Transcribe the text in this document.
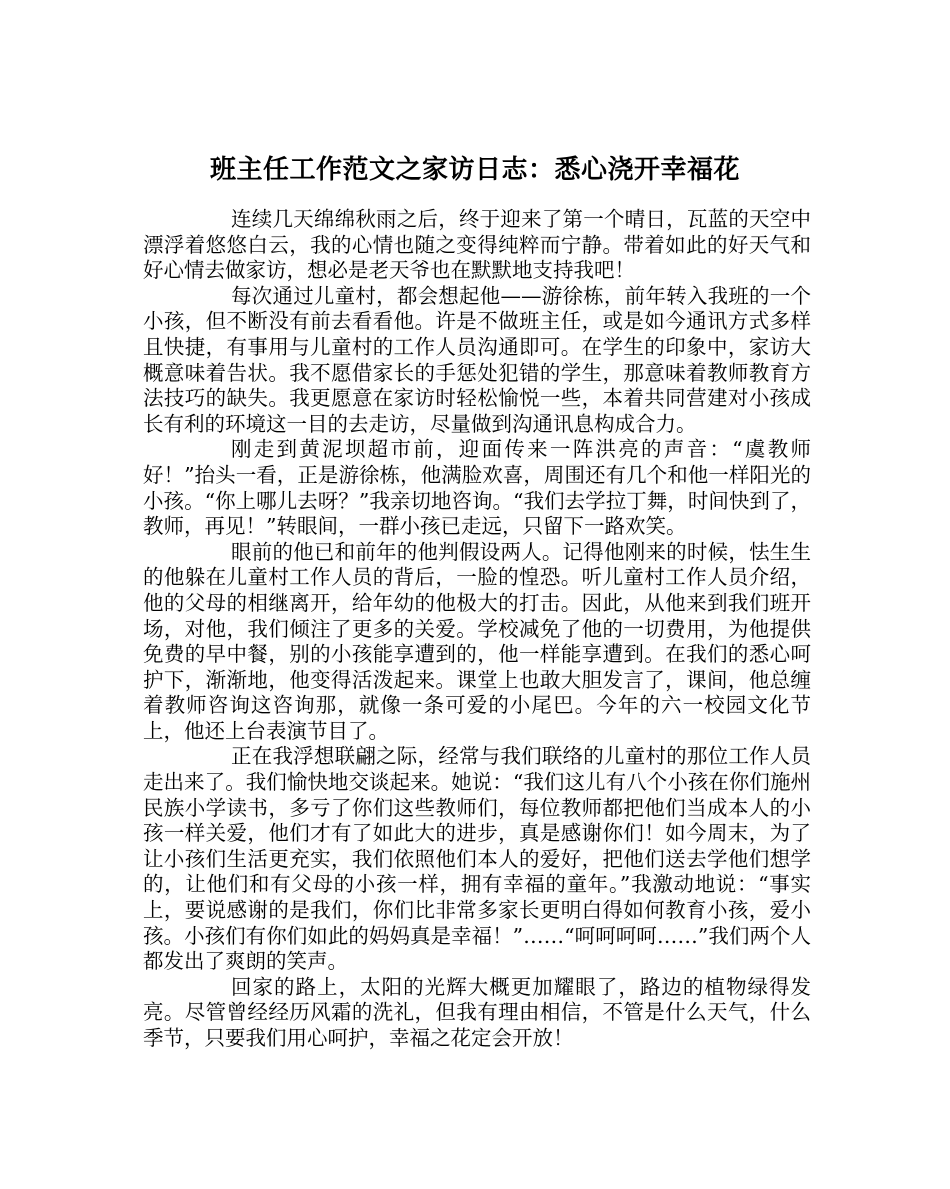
班主任工作范文之家访日志：悉心浇开幸福花

连续几天绵绵秋雨之后，终于迎来了第一个晴日，瓦蓝的天空中漂浮着悠悠白云，我的心情也随之变得纯粹而宁静。带着如此的好天气和好心情去做家访，想必是老天爷也在默默地支持我吧！

每次通过儿童村，都会想起他——游徐栋，前年转入我班的一个小孩，但不断没有前去看看他。许是不做班主任，或是如今通讯方式多样且快捷，有事用与儿童村的工作人员沟通即可。在学生的印象中，家访大概意味着告状。我不愿借家长的手惩处犯错的学生，那意味着教师教育方法技巧的缺失。我更愿意在家访时轻松愉悦一些，本着共同营建对小孩成长有利的环境这一目的去走访，尽量做到沟通讯息构成合力。

刚走到黄泥坝超市前，迎面传来一阵洪亮的声音：“虞教师好！”抬头一看，正是游徐栋，他满脸欢喜，周围还有几个和他一样阳光的小孩。“你上哪儿去呀？”我亲切地咨询。“我们去学拉丁舞，时间快到了，教师，再见！”转眼间，一群小孩已走远，只留下一路欢笑。

眼前的他已和前年的他判假设两人。记得他刚来的时候，怯生生的他躲在儿童村工作人员的背后，一脸的惶恐。听儿童村工作人员介绍，他的父母的相继离开，给年幼的他极大的打击。因此，从他来到我们班开场，对他，我们倾注了更多的关爱。学校减免了他的一切费用，为他提供免费的早中餐，别的小孩能享遭到的，他一样能享遭到。在我们的悉心呵护下，渐渐地，他变得活泼起来。课堂上也敢大胆发言了，课间，他总缠着教师咨询这咨询那，就像一条可爱的小尾巴。今年的六一校园文化节上，他还上台表演节目了。

正在我浮想联翩之际，经常与我们联络的儿童村的那位工作人员走出来了。我们愉快地交谈起来。她说：“我们这儿有八个小孩在你们施州民族小学读书，多亏了你们这些教师们，每位教师都把他们当成本人的小孩一样关爱，他们才有了如此大的进步，真是感谢你们！如今周末，为了让小孩们生活更充实，我们依照他们本人的爱好，把他们送去学他们想学的，让他们和有父母的小孩一样，拥有幸福的童年。”我激动地说：“事实上，要说感谢的是我们，你们比非常多家长更明白得如何教育小孩，爱小孩。小孩们有你们如此的妈妈真是幸福！”……“呵呵呵呵……”我们两个人都发出了爽朗的笑声。

回家的路上，太阳的光辉大概更加耀眼了，路边的植物绿得发亮。尽管曾经经历风霜的洗礼，但我有理由相信，不管是什么天气，什么季节，只要我们用心呵护，幸福之花定会开放！
